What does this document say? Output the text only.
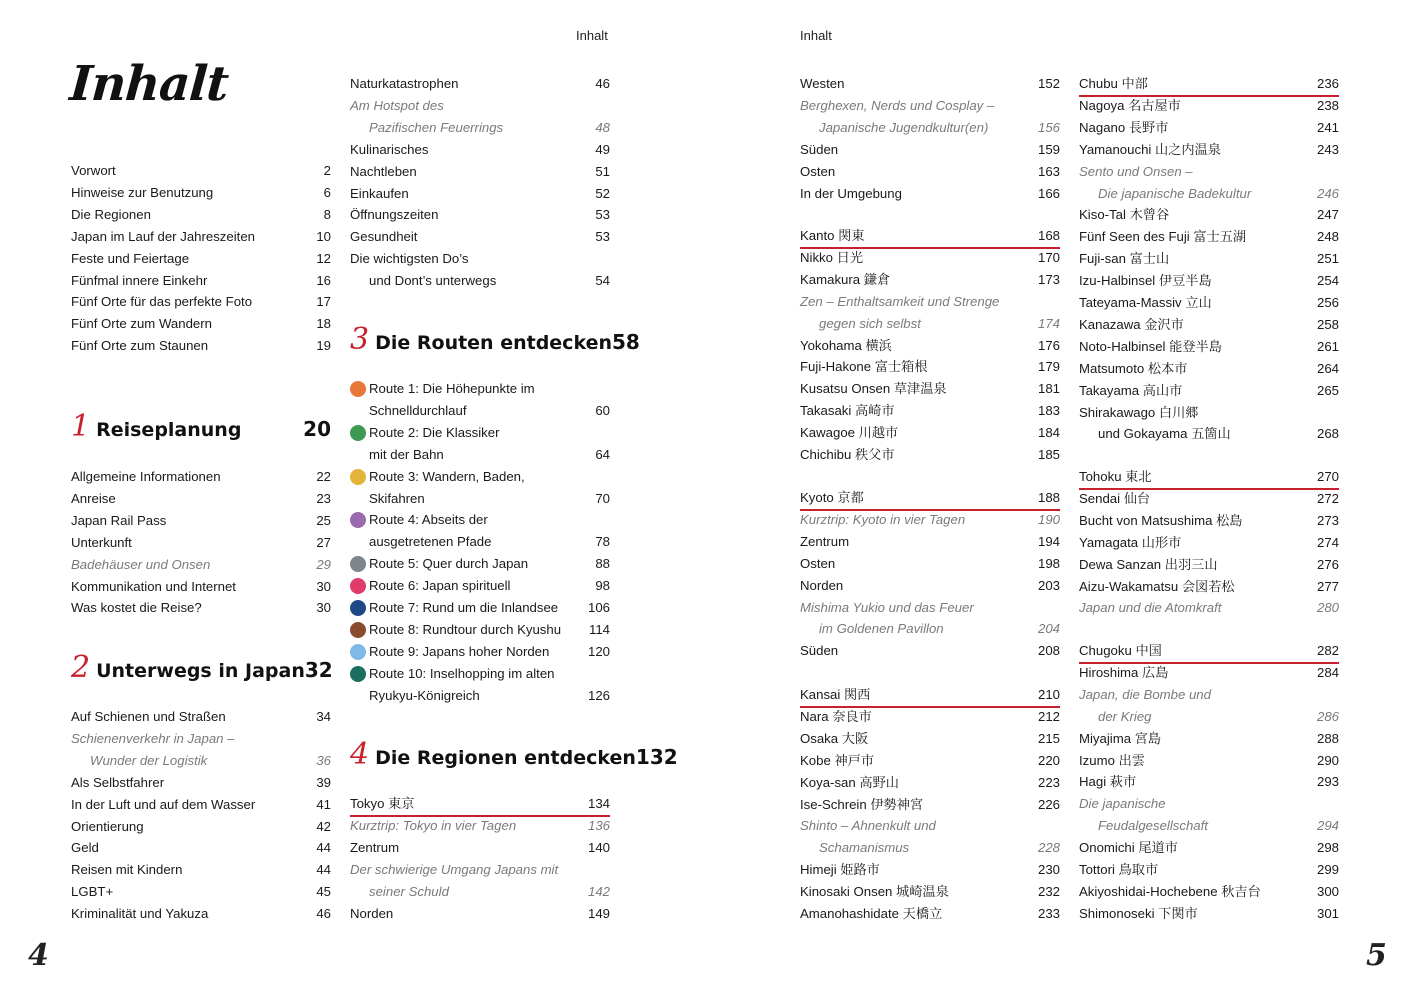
Inhalt	Inhalt
Inhalt
4	5
Vorwort	2
Hinweise zur Benutzung	6
Die Regionen	8
Japan im Lauf der Jahreszeiten	10
Feste und Feiertage	12
Fünfmal innere Einkehr	16
Fünf Orte für das perfekte Foto	17
Fünf Orte zum Wandern	18
Fünf Orte zum Staunen	19
Allgemeine Informationen	22
Anreise	23
Japan Rail Pass	25
Unterkunft	27
Badehäuser und Onsen	29
Kommunikation und Internet	30
Was kostet die Reise?	30
Auf Schienen und Straßen	34
Schienenverkehr in Japan –
Wunder der Logistik	36
Als Selbstfahrer	39
In der Luft und auf dem Wasser	41
Orientierung	42
Geld	44
Reisen mit Kindern	44
LGBT+	45
Kriminalität und Yakuza	46
1 Reiseplanung	20
2 Unterwegs in Japan 32
Naturkatastrophen	46
Am Hotspot des
Pazifischen Feuerrings	48
Kulinarisches	49
Nachtleben	51
Einkaufen	52
Öffnungszeiten	53
Gesundheit	53
Die wichtigsten Do’s
und Dont’s unterwegs	54
Tokyo 東京	134
Kurztrip: Tokyo in vier Tagen	136
Zentrum	140
Der schwierige Umgang Japans mit
seiner Schuld	142
Norden	149
Route 1: Die Höhepunkte im
Schnelldurchlauf	60
Route 2: Die Klassiker
mit der Bahn	64
Route 3: Wandern, Baden,
Skifahren	70
Route 4: Abseits der
ausgetretenen Pfade	78
Route 5: Quer durch Japan	88
Route 6: Japan spirituell	98
Route 7: Rund um die Inlandsee 106
Route 8: Rundtour durch Kyushu 114
Route 9: Japans hoher Norden	120
Route 10: Inselhopping im alten
Ryukyu-Königreich	126
3 Die Routen entdecken 58
4 Die Regionen entdecken 132
Westen	152
Berghexen, Nerds und Cosplay –
Japanische Jugendkultur(en)	156
Süden	159
Osten	163
In der Umgebung	166
Kanto 関東	168
Nikko 日光	170
Kamakura 鎌倉	173
Zen – Enthaltsamkeit und Strenge
gegen sich selbst	174
Yokohama 横浜	176
Fuji-Hakone 富士箱根	179
Kusatsu Onsen 草津温泉	181
Takasaki 高崎市	183
Kawagoe 川越市	184
Chichibu 秩父市	185
Kyoto 京都	188
Kurztrip: Kyoto in vier Tagen	190
Zentrum	194
Osten	198
Norden	203
Mishima Yukio und das Feuer
im Goldenen Pavillon	204
Süden	208
Kansai 関西	210
Nara 奈良市	212
Osaka 大阪	215
Kobe 神戸市	220
Koya-san 高野山	223
Ise-Schrein 伊勢神宮	226
Shinto – Ahnenkult und
Schamanismus	228
Himeji 姫路市	230
Kinosaki Onsen 城崎温泉	232
Amanohashidate 天橋立	233
Chubu 中部	236
Nagoya 名古屋市	238
Nagano 長野市	241
Yamanouchi 山之内温泉	243
Sento und Onsen –
Die japanische Badekultur	246
Kiso-Tal 木曾谷	247
Fünf Seen des Fuji 富士五湖	248
Fuji-san 富士山	251
Izu-Halbinsel 伊豆半島	254
Tateyama-Massiv 立山	256
Kanazawa 金沢市	258
Noto-Halbinsel 能登半島	261
Matsumoto 松本市	264
Takayama 高山市	265
Shirakawago 白川郷
und Gokayama 五箇山	268
Tohoku 東北	270
Sendai 仙台	272
Bucht von Matsushima 松島	273
Yamagata 山形市	274
Dewa Sanzan 出羽三山	276
Aizu-Wakamatsu 会図若松	277
Japan und die Atomkraft	280
Chugoku 中国	282
Hiroshima 広島	284
Japan, die Bombe und
der Krieg	286
Miyajima 宮島	288
Izumo 出雲	290
Hagi 萩市	293
Die japanische
Feudalgesellschaft	294
Onomichi 尾道市	298
Tottori 鳥取市	299
Akiyoshidai-Hochebene 秋吉台	300
Shimonoseki 下関市	301
